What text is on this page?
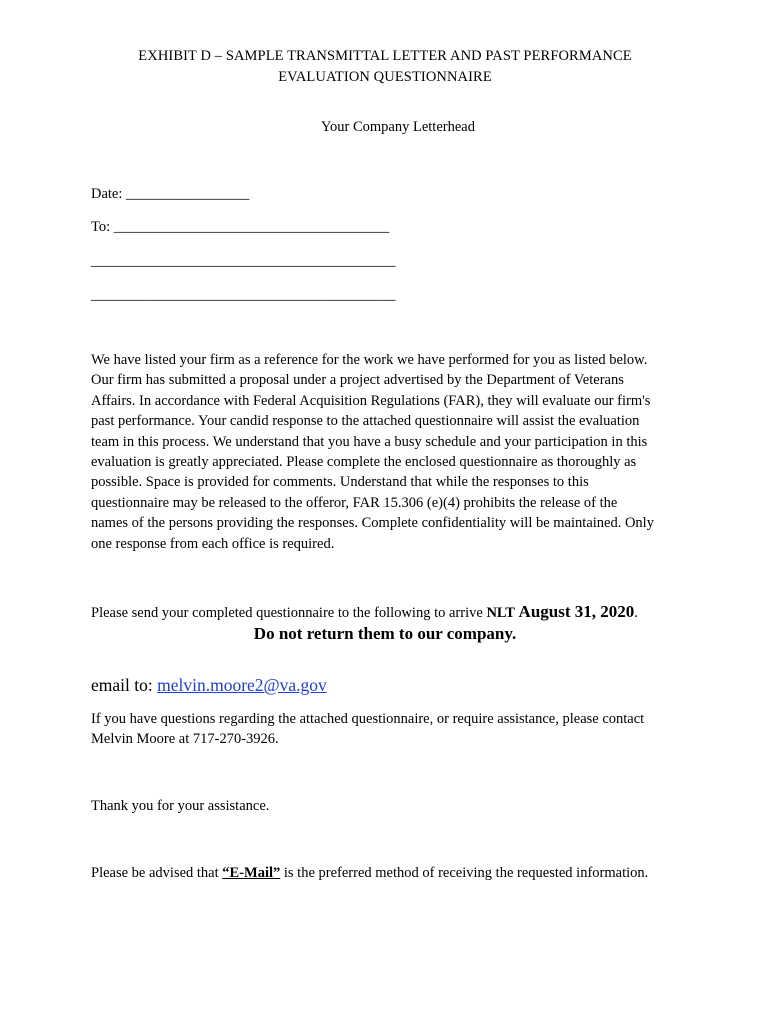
EXHIBIT D – SAMPLE TRANSMITTAL LETTER AND PAST PERFORMANCE
EVALUATION QUESTIONNAIRE
Your Company Letterhead
Date: _________________
To: ______________________________________
__________________________________________
__________________________________________
We have listed your firm as a reference for the work we have performed for you as listed below.
Our firm has submitted a proposal under a project advertised by the Department of Veterans
Affairs. In accordance with Federal Acquisition Regulations (FAR), they will evaluate our firm's
past performance. Your candid response to the attached questionnaire will assist the evaluation
team in this process. We understand that you have a busy schedule and your participation in this
evaluation is greatly appreciated. Please complete the enclosed questionnaire as thoroughly as
possible. Space is provided for comments. Understand that while the responses to this
questionnaire may be released to the offeror, FAR 15.306 (e)(4) prohibits the release of the
names of the persons providing the responses. Complete confidentiality will be maintained. Only
one response from each office is required.
Please send your completed questionnaire to the following to arrive NLT August 31, 2020.
Do not return them to our company.
email to: melvin.moore2@va.gov
If you have questions regarding the attached questionnaire, or require assistance, please contact
Melvin Moore at 717-270-3926.
Thank you for your assistance.
Please be advised that “E-Mail” is the preferred method of receiving the requested information.
